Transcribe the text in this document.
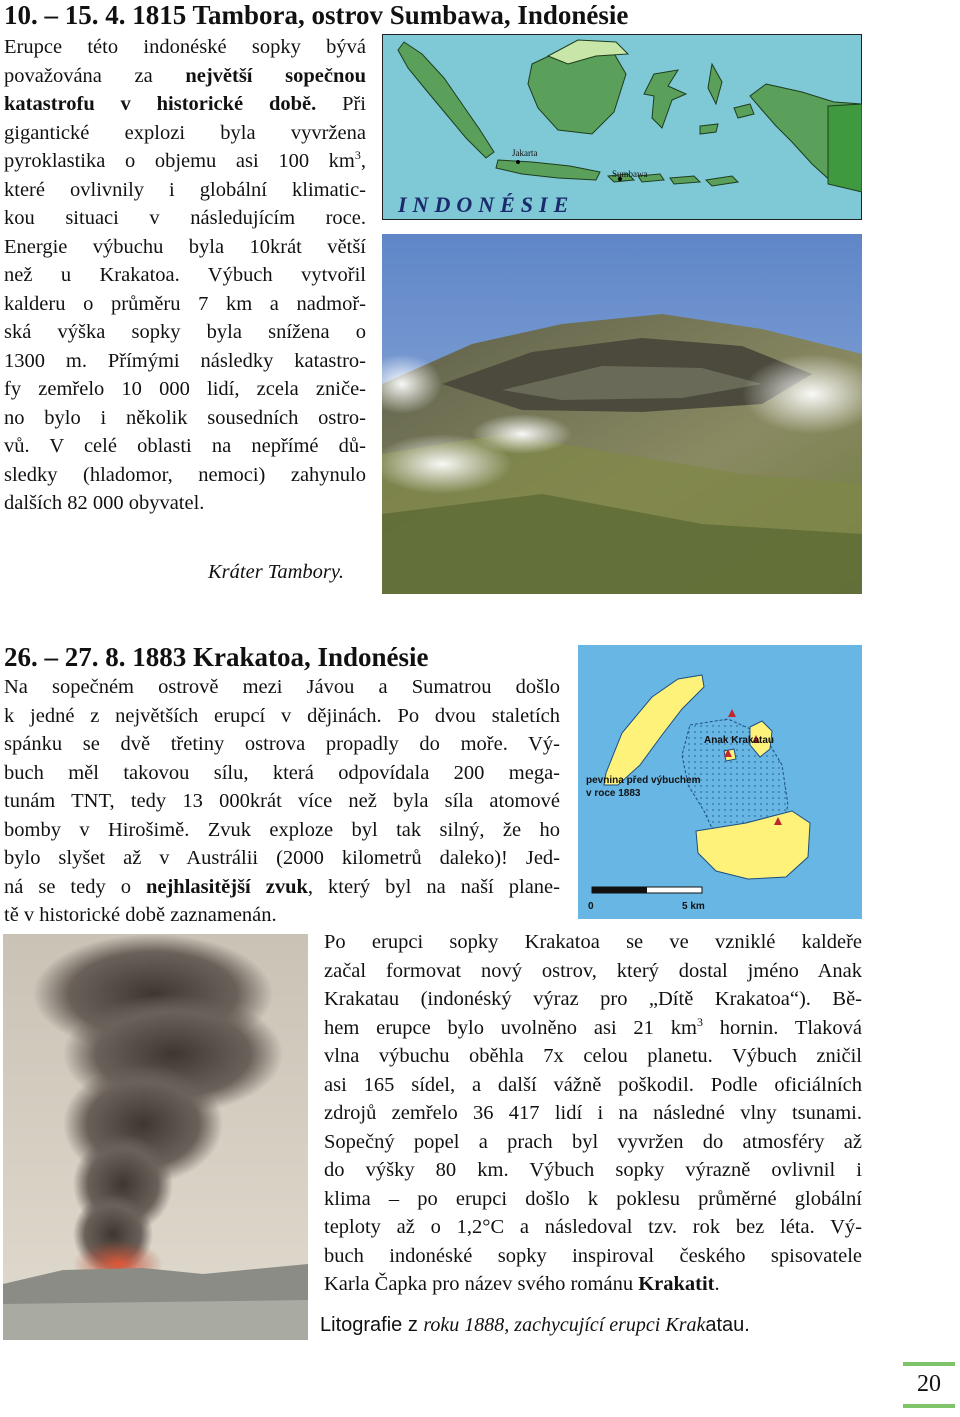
10. – 15. 4. 1815 Tambora, ostrov Sumbawa, Indonésie

Erupce této indonéské sopky bývá

považována za největší sopečnou

katastrofu v historické době. Při

gigantické explozi byla vyvržena

pyroklastika o objemu asi 100 $km^3$,

které ovlivnily i globální klimatic-

kou situaci v následujícím roce.

Energie výbuchu byla 10krát větší

než u Krakatoa. Výbuch vytvořil

kalderu o průměru 7 km a nadmoř-

ská výška sopky byla snížena o

1300 m. Přímými následky katastro-

fy zemřelo 10 000 lidí, zcela zniče-

no bylo i několik sousedních ostro-

vů. V celé oblasti na nepřímé dů-

sledky (hladomor, nemoci) zahynulo

dalších 82 000 obyvatel.

Jakarta
Sumbawa
INDONÉSIE
Kráter Tambory.
26. – 27. 8. 1883 Krakatoa, Indonésie

Na sopečném ostrově mezi Jávou a Sumatrou došlo

k jedné z největších erupcí v dějinách. Po dvou staletích

spánku se dvě třetiny ostrova propadly do moře. Vý-

buch měl takovou sílu, která odpovídala 200 mega-

tunám TNT, tedy 13 000krát více než byla síla atomové

bomby v Hirošimě. Zvuk exploze byl tak silný, že ho

bylo slyšet až v Austrálii (2000 kilometrů daleko)! Jed-

ná se tedy o nejhlasitější zvuk, který byl na naší plane-

tě v historické době zaznamenán.

Anak Krakatau
pevnina před výbuchem
v roce 1883
0	5 km

Po erupci sopky Krakatoa se ve vzniklé kaldeře

začal formovat nový ostrov, který dostal jméno Anak

Krakatau (indonéský výraz pro „Dítě Krakatoa“). Bě-

hem erupce bylo uvolněno asi 21 $km^3$ hornin. Tlaková

vlna výbuchu oběhla 7x celou planetu. Výbuch zničil

asi 165 sídel, a další vážně poškodil. Podle oficiálních

zdrojů zemřelo 36 417 lidí i na následné vlny tsunami.

Sopečný popel a prach byl vyvržen do atmosféry až

do výšky 80 km. Výbuch sopky výrazně ovlivnil i

klima – po erupci došlo k poklesu průměrné globální

teploty až o 1,2°C a následoval tzv. rok bez léta. Vý-

buch indonéské sopky inspiroval českého spisovatele

Karla Čapka pro název svého románu Krakatit.

Litografie z roku 1888, zachycující erupci Krakatau.
20
